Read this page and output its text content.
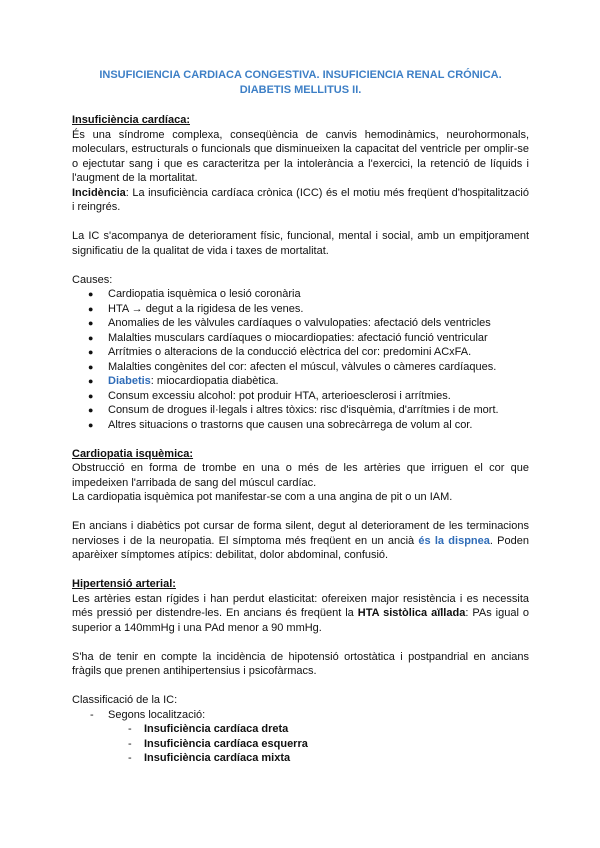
INSUFICIENCIA CARDIACA CONGESTIVA. INSUFICIENCIA RENAL CRÓNICA.
DIABETIS MELLITUS II.
Insuficiència cardíaca:

És una síndrome complexa, conseqüència de canvis hemodinàmics, neurohormonals, moleculars, estructurals o funcionals que disminueixen la capacitat del ventricle per omplir-se o ejectutar sang i que es caracteritza per la intolerància a l'exercici, la retenció de líquids i l'augment de la mortalitat.

Incidència: La insuficiència cardíaca crònica (ICC) és el motiu més freqüent d'hospitalització i reingrés.

La IC s'acompanya de deteriorament físic, funcional, mental i social, amb un empitjorament significatiu de la qualitat de vida i taxes de mortalitat.

Causes:

● Cardiopatia isquèmica o lesió coronària
● HTA → degut a la rigidesa de les venes.
● Anomalies de les vàlvules cardíaques o valvulopaties: afectació dels ventricles
● Malalties musculars cardíaques o miocardiopaties: afectació funció ventricular
● Arrítmies o alteracions de la conducció elèctrica del cor: predomini ACxFA.
● Malalties congènites del cor: afecten el múscul, vàlvules o càmeres cardíaques.
● Diabetis: miocardiopatia diabètica.
● Consum excessiu alcohol: pot produir HTA, arterioesclerosi i arrítmies.
● Consum de drogues il·legals i altres tòxics: risc d'isquèmia, d'arrítmies i de mort.
● Altres situacions o trastorns que causen una sobrecàrrega de volum al cor.
Cardiopatia isquèmica:

Obstrucció en forma de trombe en una o més de les artèries que irriguen el cor que impedeixen l'arribada de sang del múscul cardíac.

La cardiopatia isquèmica pot manifestar-se com a una angina de pit o un IAM.

En ancians i diabètics pot cursar de forma silent, degut al deteriorament de les terminacions nervioses i de la neuropatia. El símptoma més freqüent en un ancià és la dispnea. Poden aparèixer símptomes atípics: debilitat, dolor abdominal, confusió.

Hipertensió arterial:

Les artèries estan rígides i han perdut elasticitat: ofereixen major resistència i es necessita més pressió per distendre-les. En ancians és freqüent la HTA sistòlica aïllada: PAs igual o superior a 140mmHg i una PAd menor a 90 mmHg.

S'ha de tenir en compte la incidència de hipotensió ortostàtica i postpandrial en ancians fràgils que prenen antihipertensius i psicofàrmacs.

Classificació de la IC:

- Segons localització:
- Insuficiència cardíaca dreta
- Insuficiència cardíaca esquerra
- Insuficiència cardíaca mixta
